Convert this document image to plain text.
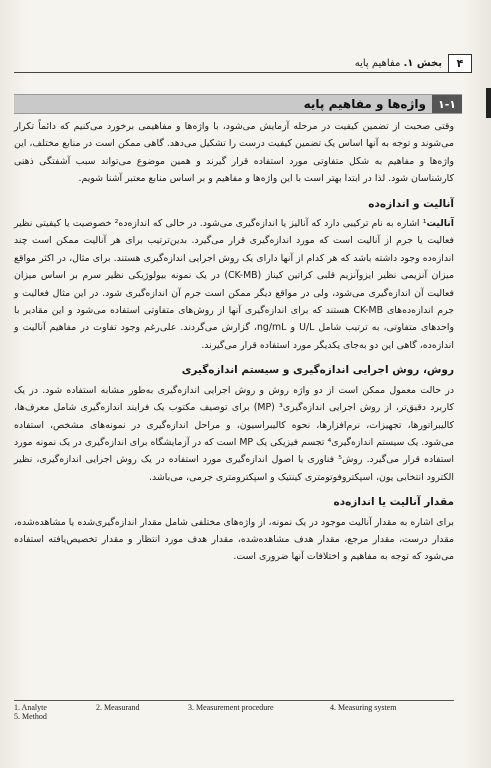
۴
بخش ۱. مفاهیم پایه
۱-۱
واژه‌ها و مفاهیم پایه

وقتی صحبت از تضمین کیفیت در مرحله آزمایش می‌شود، با واژه‌ها و مفاهیمی برخورد می‌کنیم که دائماً تکرار می‌شوند و توجه به آنها اساس یک تضمین کیفیت درست را تشکیل می‌دهد. گاهی ممکن است در منابع مختلف، این واژه‌ها و مفاهیم به شکل متفاوتی مورد استفاده قرار گیرند و همین موضوع می‌تواند سبب آشفتگی ذهنی کارشناسان شود. لذا در ابتدا بهتر است با این واژه‌ها و مفاهیم و بر اساس منابع معتبر آشنا شویم.

آنالیت و اندازه‌ده

آنالیت¹ اشاره به نام ترکیبی دارد که آنالیز یا اندازه‌گیری می‌شود. در حالی که اندازه‌ده² خصوصیت یا کیفیتی نظیر فعالیت یا جرم از آنالیت است که مورد اندازه‌گیری قرار می‌گیرد. بدین‌ترتیب برای هر آنالیت ممکن است چند اندازه‌ده وجود داشته باشد که هر کدام از آنها دارای یک روش اجرایی اندازه‌گیری هستند. برای مثال، در اکثر مواقع میزان آنزیمی نظیر ایزوآنزیم قلبی کراتین کیناز (CK-MB) در یک نمونه بیولوژیکی نظیر سرم بر اساس میزان فعالیت آن اندازه‌گیری می‌شود، ولی در مواقع دیگر ممکن است جرم آن اندازه‌گیری شود. در این مثال فعالیت و جرم اندازه‌ده‌های CK-MB هستند که برای اندازه‌گیری آنها از روش‌های متفاوتی استفاده می‌شود و این مقادیر با واحدهای متفاوتی، به ترتیب شامل U/L و ng/mL، گزارش می‌گردند. علی‌رغم وجود تفاوت در مفاهیم آنالیت و اندازه‌ده، گاهی این دو به‌جای یکدیگر مورد استفاده قرار می‌گیرند.

روش، روش اجرایی اندازه‌گیری و سیستم اندازه‌گیری

در حالت معمول ممکن است از دو واژه روش و روش اجرایی اندازه‌گیری به‌طور مشابه استفاده شود. در یک کاربرد دقیق‌تر، از روش اجرایی اندازه‌گیری³ (MP) برای توصیف مکتوب یک فرایند اندازه‌گیری شامل معرف‌ها، کالیبراتورها، تجهیزات، نرم‌افزارها، نحوه کالیبراسیون، و مراحل اندازه‌گیری در نمونه‌های مشخص، استفاده می‌شود. یک سیستم اندازه‌گیری⁴ تجسم فیزیکی یک MP است که در آزمایشگاه برای اندازه‌گیری در یک نمونه مورد استفاده قرار می‌گیرد. روش⁵ فناوری یا اصول اندازه‌گیری مورد استفاده در یک روش اجرایی اندازه‌گیری، نظیر الکترود انتخابی یون، اسپکتروفوتومتری کینتیک و اسپکترومتری جرمی، می‌باشد.

مقدار آنالیت یا اندازه‌ده

برای اشاره به مقدار آنالیت موجود در یک نمونه، از واژه‌های مختلفی شامل مقدار اندازه‌گیری‌شده یا مشاهده‌شده، مقدار درست، مقدار مرجع، مقدار هدف مشاهده‌شده، مقدار هدف مورد انتظار و مقدار تخصیص‌یافته استفاده می‌شود که توجه به مفاهیم و اختلافات آنها ضروری است.

1. Analyte	2. Measurand	3. Measurement procedure	4. Measuring system
5. Method
